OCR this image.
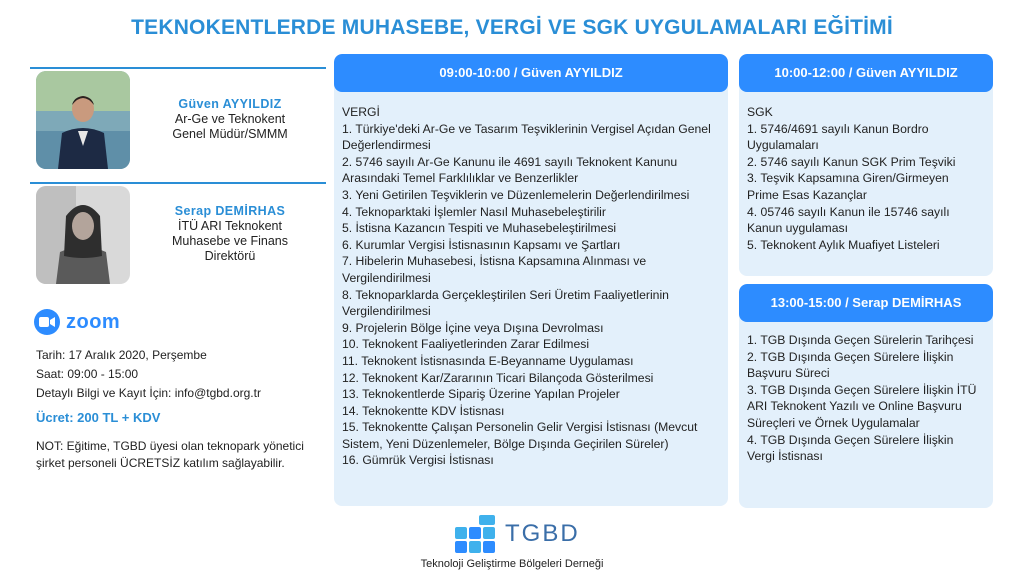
TEKNOKENTLERDE MUHASEBE, VERGİ VE SGK UYGULAMALARI EĞİTİMİ
Güven AYYILDIZ
Ar-Ge ve Teknokent
Genel Müdür/SMMM
Serap DEMİRHAS
İTÜ ARI Teknokent
Muhasebe ve Finans
Direktörü
zoom
Tarih: 17 Aralık 2020, Perşembe
Saat: 09:00 - 15:00
Detaylı Bilgi ve Kayıt İçin: info@tgbd.org.tr
Ücret: 200 TL + KDV
NOT: Eğitime, TGBD üyesi olan teknopark yönetici şirket personeli ÜCRETSİZ katılım sağlayabilir.
09:00-10:00 / Güven AYYILDIZ
VERGİ
1. Türkiye'deki Ar-Ge ve Tasarım Teşviklerinin Vergisel Açıdan Genel Değerlendirmesi
2. 5746 sayılı Ar-Ge Kanunu ile 4691 sayılı Teknokent Kanunu Arasındaki Temel Farklılıklar ve Benzerlikler
3. Yeni Getirilen Teşviklerin ve Düzenlemelerin Değerlendirilmesi
4. Teknoparktaki İşlemler Nasıl Muhasebeleştirilir
5. İstisna Kazancın Tespiti ve Muhasebeleştirilmesi
6. Kurumlar Vergisi İstisnasının Kapsamı ve Şartları
7. Hibelerin Muhasebesi, İstisna Kapsamına Alınması ve Vergilendirilmesi
8. Teknoparklarda Gerçekleştirilen Seri Üretim Faaliyetlerinin Vergilendirilmesi
9. Projelerin Bölge İçine veya Dışına Devrolması
10. Teknokent Faaliyetlerinden Zarar Edilmesi
11. Teknokent İstisnasında E-Beyanname Uygulaması
12. Teknokent Kar/Zararının Ticari Bilançoda Gösterilmesi
13. Teknokentlerde Sipariş Üzerine Yapılan Projeler
14. Teknokentte KDV İstisnası
15. Teknokentte Çalışan Personelin Gelir Vergisi İstisnası (Mevcut Sistem, Yeni Düzenlemeler, Bölge Dışında Geçirilen Süreler)
16. Gümrük Vergisi İstisnası
10:00-12:00 / Güven AYYILDIZ
SGK
1. 5746/4691 sayılı Kanun Bordro Uygulamaları
2. 5746 sayılı Kanun SGK Prim Teşviki
3. Teşvik Kapsamına Giren/Girmeyen Prime Esas Kazançlar
4. 05746 sayılı Kanun ile 15746 sayılı Kanun uygulaması
5. Teknokent Aylık Muafiyet Listeleri
13:00-15:00 / Serap DEMİRHAS
1. TGB Dışında Geçen Sürelerin Tarihçesi
2. TGB Dışında Geçen Sürelere İlişkin Başvuru Süreci
3. TGB Dışında Geçen Sürelere İlişkin İTÜ ARI Teknokent Yazılı ve Online Başvuru Süreçleri ve Örnek Uygulamalar
4. TGB Dışında Geçen Sürelere İlişkin Vergi İstisnası
TGBD
Teknoloji Geliştirme Bölgeleri Derneği
